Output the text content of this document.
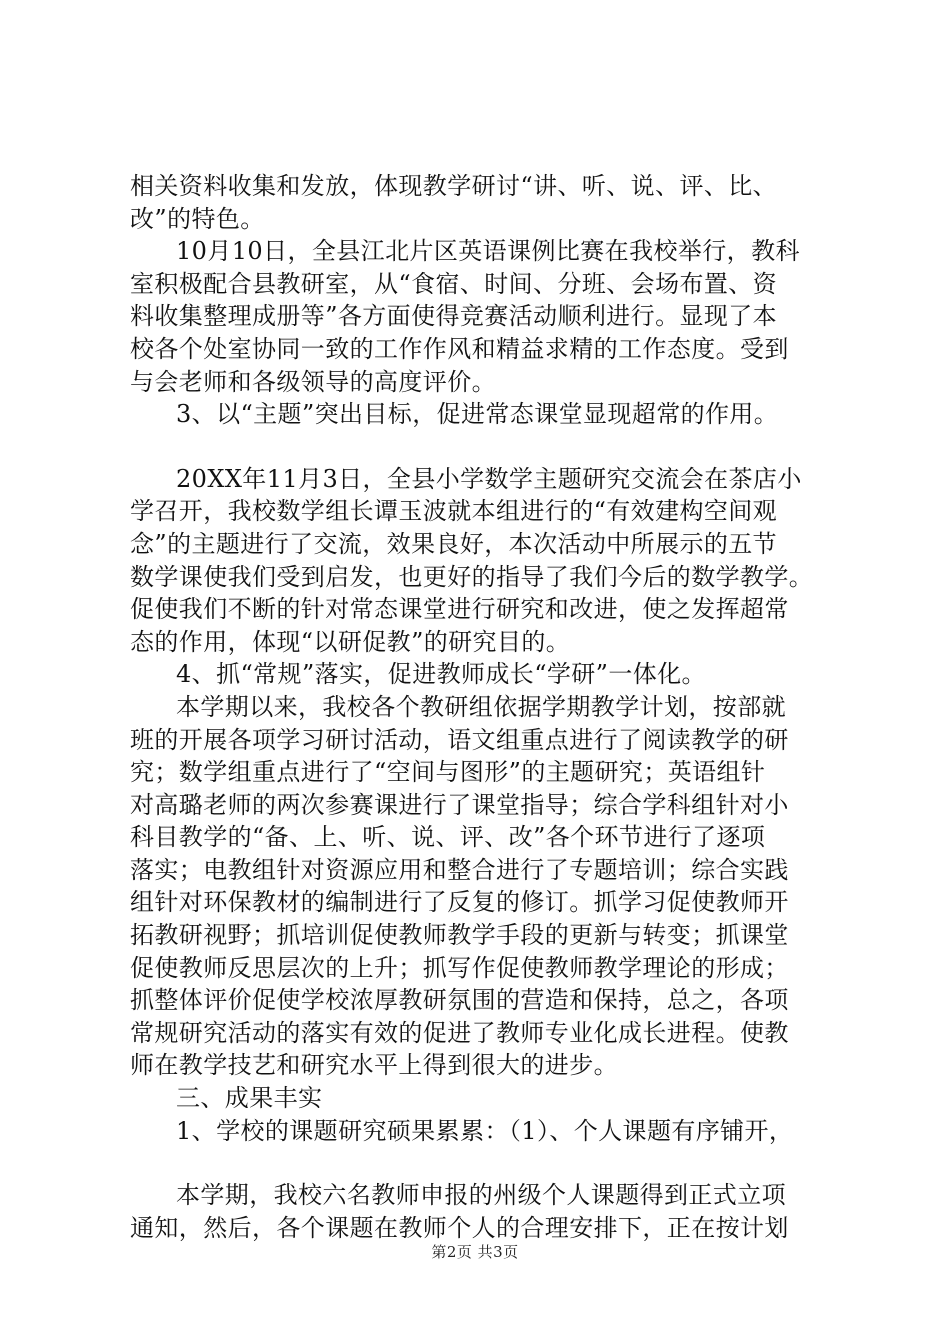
相关资料收集和发放，体现教学研讨“讲、听、说、评、比、
改”的特色。
10月10日，全县江北片区英语课例比赛在我校举行，教科
室积极配合县教研室，从“食宿、时间、分班、会场布置、资
料收集整理成册等”各方面使得竞赛活动顺利进行。显现了本
校各个处室协同一致的工作作风和精益求精的工作态度。受到
与会老师和各级领导的高度评价。
3、以“主题”突出目标，促进常态课堂显现超常的作用。
20XX年11月3日，全县小学数学主题研究交流会在茶店小
学召开，我校数学组长谭玉波就本组进行的“有效建构空间观
念”的主题进行了交流，效果良好，本次活动中所展示的五节
数学课使我们受到启发，也更好的指导了我们今后的数学教学。
促使我们不断的针对常态课堂进行研究和改进，使之发挥超常
态的作用，体现“以研促教”的研究目的。
4、抓“常规”落实，促进教师成长“学研”一体化。
本学期以来，我校各个教研组依据学期教学计划，按部就
班的开展各项学习研讨活动，语文组重点进行了阅读教学的研
究；数学组重点进行了“空间与图形”的主题研究；英语组针
对高璐老师的两次参赛课进行了课堂指导；综合学科组针对小
科目教学的“备、上、听、说、评、改”各个环节进行了逐项
落实；电教组针对资源应用和整合进行了专题培训；综合实践
组针对环保教材的编制进行了反复的修订。抓学习促使教师开
拓教研视野；抓培训促使教师教学手段的更新与转变；抓课堂
促使教师反思层次的上升；抓写作促使教师教学理论的形成；
抓整体评价促使学校浓厚教研氛围的营造和保持，总之，各项
常规研究活动的落实有效的促进了教师专业化成长进程。使教
师在教学技艺和研究水平上得到很大的进步。
三、成果丰实
1、学校的课题研究硕果累累：（1）、个人课题有序铺开，
本学期，我校六名教师申报的州级个人课题得到正式立项
通知，然后，各个课题在教师个人的合理安排下，正在按计划
第2页 共3页
